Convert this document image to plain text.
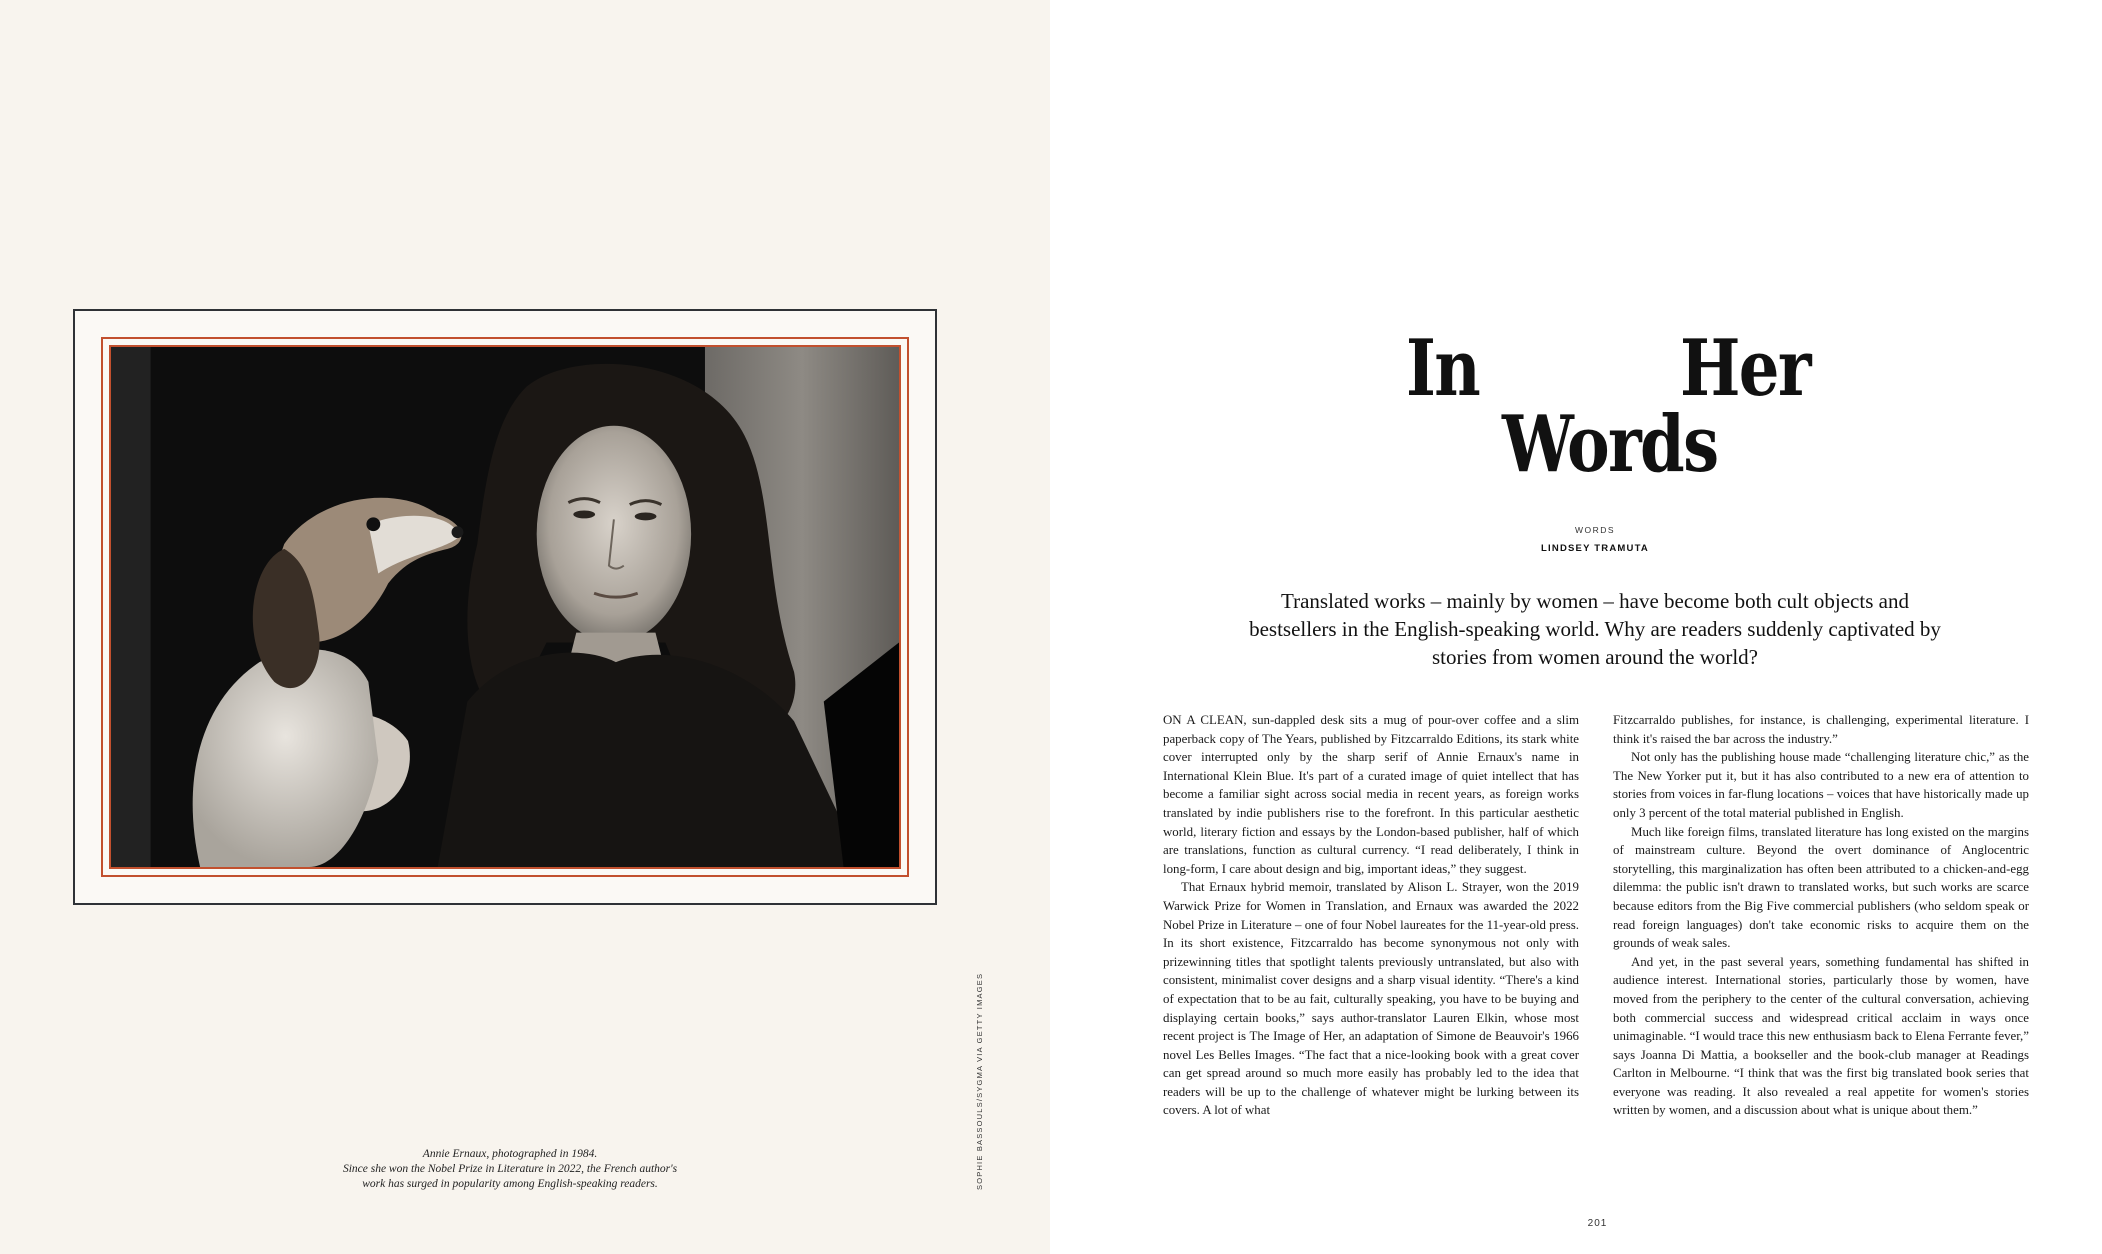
Annie Ernaux, photographed in 1984.
Since she won the Nobel Prize in Literature in 2022, the French author's
work has surged in popularity among English-speaking readers.	SOPHIE BASSOULS/SYGMA VIA GETTY IMAGES
In	Her
Words
WORDS
LINDSEY TRAMUTA
Translated works – mainly by women – have become both cult objects and bestsellers in the English-speaking world. Why are readers suddenly captivated by stories from women around the world?

ON A CLEAN, sun-dappled desk sits a mug of pour-over coffee and a slim paperback copy of The Years, published by Fitzcarraldo Editions, its stark white cover interrupted only by the sharp serif of Annie Ernaux's name in International Klein Blue. It's part of a curated image of quiet intellect that has become a familiar sight across social media in recent years, as foreign works translated by indie publishers rise to the forefront. In this particular aesthetic world, literary fiction and essays by the London-based publisher, half of which are translations, function as cultural currency. “I read deliberately, I think in long-form, I care about design and big, important ideas,” they suggest.

That Ernaux hybrid memoir, translated by Alison L. Strayer, won the 2019 Warwick Prize for Women in Translation, and Ernaux was awarded the 2022 Nobel Prize in Literature – one of four Nobel laureates for the 11-year-old press. In its short existence, Fitzcarraldo has become synonymous not only with prizewinning titles that spotlight talents previously untranslated, but also with consistent, minimalist cover designs and a sharp visual identity. “There's a kind of expectation that to be au fait, culturally speaking, you have to be buying and displaying certain books,” says author-translator Lauren Elkin, whose most recent project is The Image of Her, an adaptation of Simone de Beauvoir's 1966 novel Les Belles Images. “The fact that a nice-looking book with a great cover can get spread around so much more easily has probably led to the idea that readers will be up to the challenge of whatever might be lurking between its covers. A lot of what

Fitzcarraldo publishes, for instance, is challenging, experimental literature. I think it's raised the bar across the industry.”

Not only has the publishing house made “challenging literature chic,” as the The New Yorker put it, but it has also contributed to a new era of attention to stories from voices in far-flung locations – voices that have historically made up only 3 percent of the total material published in English.

Much like foreign films, translated literature has long existed on the margins of mainstream culture. Beyond the overt dominance of Anglocentric storytelling, this marginalization has often been attributed to a chicken-and-egg dilemma: the public isn't drawn to translated works, but such works are scarce because editors from the Big Five commercial publishers (who seldom speak or read foreign languages) don't take economic risks to acquire them on the grounds of weak sales.

And yet, in the past several years, something fundamental has shifted in audience interest. International stories, particularly those by women, have moved from the periphery to the center of the cultural conversation, achieving both commercial success and widespread critical acclaim in ways once unimaginable. “I would trace this new enthusiasm back to Elena Ferrante fever,” says Joanna Di Mattia, a bookseller and the book-club manager at Readings Carlton in Melbourne. “I think that was the first big translated book series that everyone was reading. It also revealed a real appetite for women's stories written by women, and a discussion about what is unique about them.”

201
